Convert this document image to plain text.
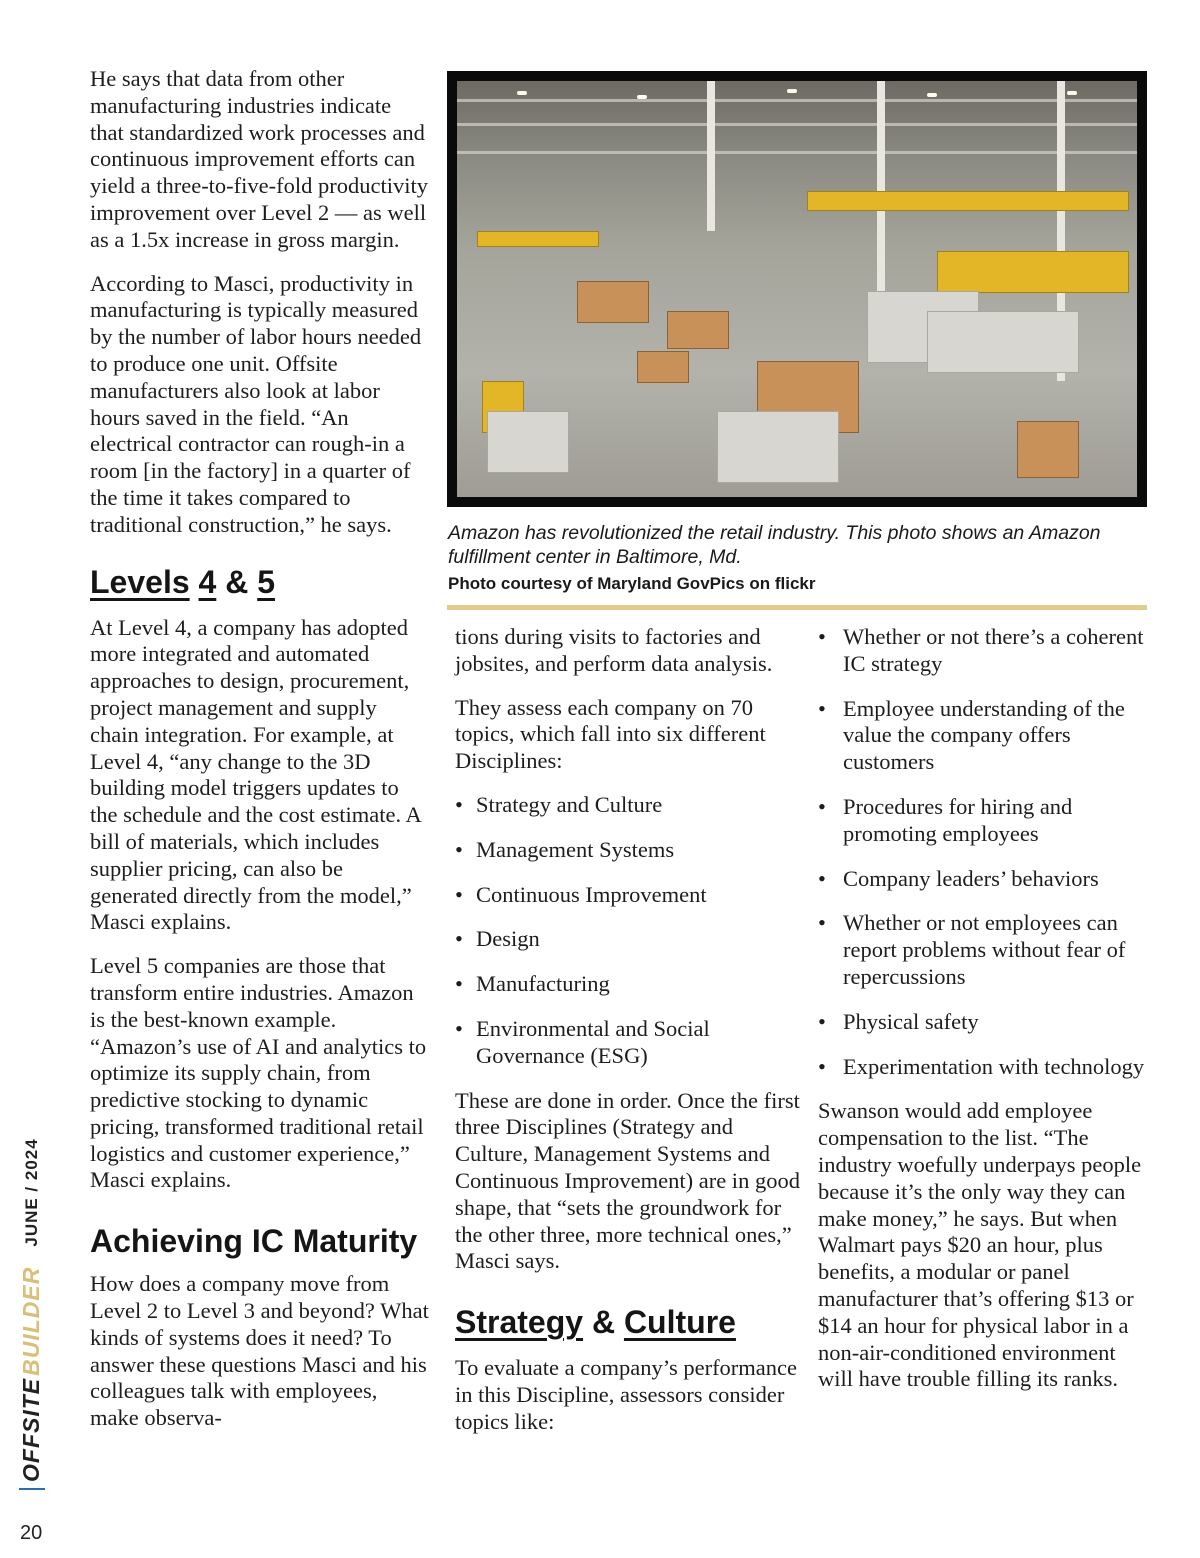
He says that data from other manufacturing industries indicate that standardized work processes and continuous improvement efforts can yield a three-to-five-fold productivity improvement over Level 2 — as well as a 1.5x increase in gross margin.

According to Masci, productivity in manufacturing is typically measured by the number of labor hours needed to produce one unit. Offsite manufacturers also look at labor hours saved in the field. “An electrical contractor can rough-in a room [in the factory] in a quarter of the time it takes compared to traditional construction,” he says.

Levels 4 & 5

At Level 4, a company has adopted more integrated and automated approaches to design, procurement, project management and supply chain integration. For example, at Level 4, “any change to the 3D building model triggers updates to the schedule and the cost estimate. A bill of materials, which includes supplier pricing, can also be generated directly from the model,” Masci explains.

Level 5 companies are those that transform entire industries. Amazon is the best-known example. “Amazon’s use of AI and analytics to optimize its supply chain, from predictive stocking to dynamic pricing, transformed traditional retail logistics and customer experience,” Masci explains.

Achieving IC Maturity

How does a company move from Level 2 to Level 3 and beyond? What kinds of systems does it need? To answer these questions Masci and his colleagues talk with employees, make observa-

Amazon has revolutionized the retail industry. This photo shows an Amazon fulfillment center in Baltimore, Md.
Photo courtesy of Maryland GovPics on flickr

tions during visits to factories and jobsites, and perform data analysis.

They assess each company on 70 topics, which fall into six different Disciplines:

• Strategy and Culture
• Management Systems
• Continuous Improvement
• Design
• Manufacturing
• Environmental and Social Governance (ESG)

These are done in order. Once the first three Disciplines (Strategy and Culture, Management Systems and Continuous Improvement) are in good shape, that “sets the groundwork for the other three, more technical ones,” Masci says.

Strategy & Culture

To evaluate a company’s performance in this Discipline, assessors consider topics like:

• Whether or not there’s a coherent IC strategy
• Employee understanding of the value the company offers customers
• Procedures for hiring and promoting employees
• Company leaders’ behaviors
• Whether or not employees can report problems without fear of repercussions
• Physical safety
• Experimentation with technology

Swanson would add employee compensation to the list. “The industry woefully underpays people because it’s the only way they can make money,” he says. But when Walmart pays $20 an hour, plus benefits, a modular or panel manufacturer that’s offering $13 or $14 an hour for physical labor in a non-air-conditioned environment will have trouble filling its ranks.

OFFSITE
BUILDER
JUNE / 2024
20
